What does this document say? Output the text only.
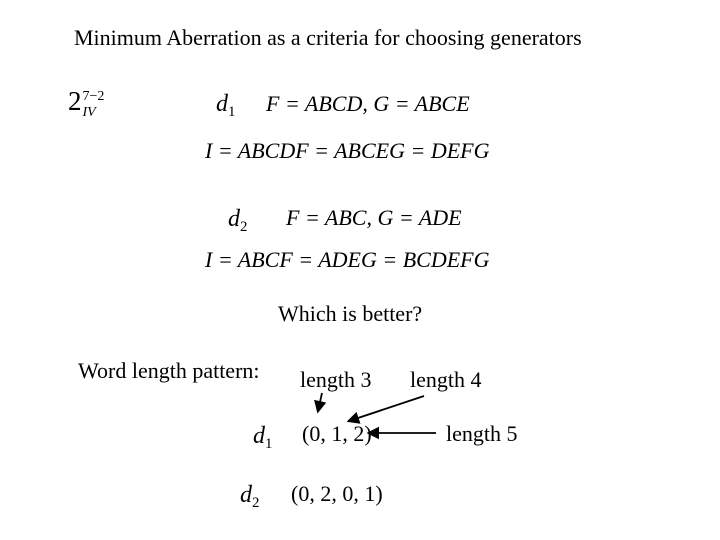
Minimum Aberration as a criteria for choosing generators
2 7−2
IV	$d_1$ F = ABCD, G = ABCE
I = ABCDF = ABCEG = DEFG
$d_2$ F = ABC, G = ADE
I = ABCF = ADEG = BCDEFG
Which is better?
Word length pattern: length 3 length 4
$d_1$ (0, 1, 2)	length 5
$d_2$ (0, 2, 0, 1)
